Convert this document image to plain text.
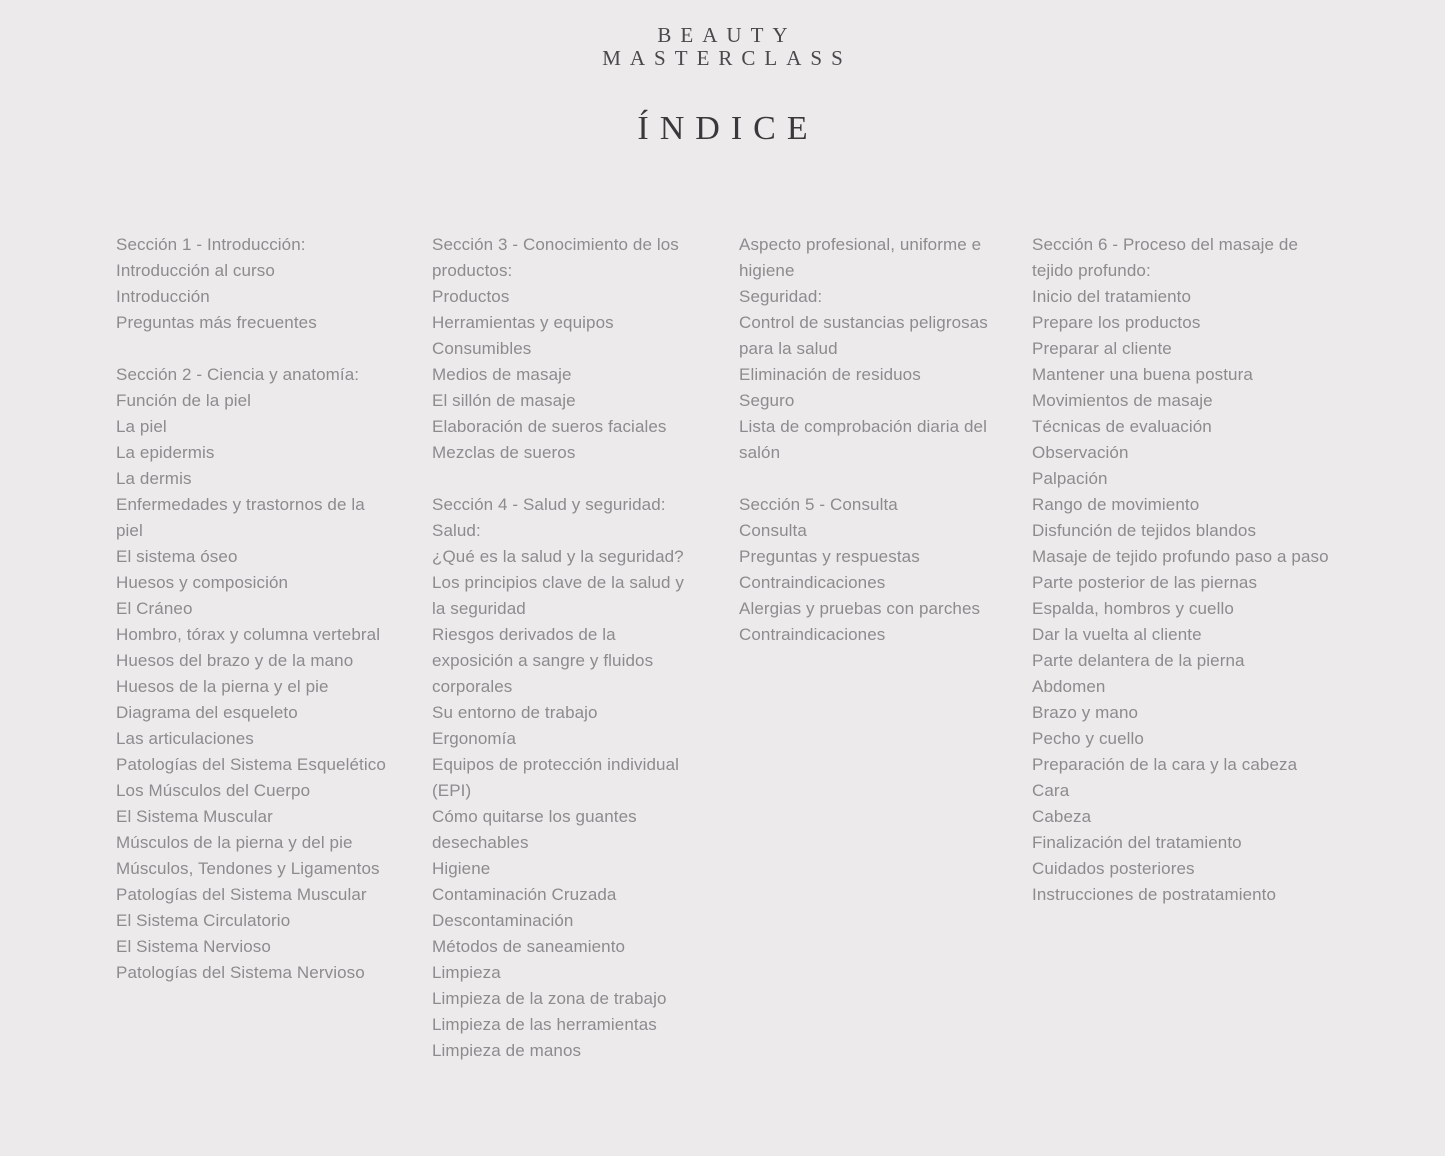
BEAUTY
MASTERCLASS
ÍNDICE

Sección 1 - Introducción:

Introducción al curso

Introducción

Preguntas más frecuentes

Sección 2 - Ciencia y anatomía:

Función de la piel

La piel

La epidermis

La dermis

Enfermedades y trastornos de la piel

El sistema óseo

Huesos y composición

El Cráneo

Hombro, tórax y columna vertebral

Huesos del brazo y de la mano

Huesos de la pierna y el pie

Diagrama del esqueleto

Las articulaciones

Patologías del Sistema Esquelético

Los Músculos del Cuerpo

El Sistema Muscular

Músculos de la pierna y del pie

Músculos, Tendones y Ligamentos

Patologías del Sistema Muscular

El Sistema Circulatorio

El Sistema Nervioso

Patologías del Sistema Nervioso

Sección 3 - Conocimiento de los productos:

Productos

Herramientas y equipos

Consumibles

Medios de masaje

El sillón de masaje

Elaboración de sueros faciales

Mezclas de sueros

Sección 4 - Salud y seguridad:

Salud:

¿Qué es la salud y la seguridad?

Los principios clave de la salud y la seguridad

Riesgos derivados de la exposición a sangre y fluidos corporales

Su entorno de trabajo

Ergonomía

Equipos de protección individual (EPI)

Cómo quitarse los guantes desechables

Higiene

Contaminación Cruzada

Descontaminación

Métodos de saneamiento

Limpieza

Limpieza de la zona de trabajo

Limpieza de las herramientas

Limpieza de manos

Aspecto profesional, uniforme e higiene

Seguridad:

Control de sustancias peligrosas para la salud

Eliminación de residuos

Seguro

Lista de comprobación diaria del salón

Sección 5 - Consulta

Consulta

Preguntas y respuestas

Contraindicaciones

Alergias y pruebas con parches

Contraindicaciones

Sección 6 - Proceso del masaje de tejido profundo:

Inicio del tratamiento

Prepare los productos

Preparar al cliente

Mantener una buena postura

Movimientos de masaje

Técnicas de evaluación

Observación

Palpación

Rango de movimiento

Disfunción de tejidos blandos

Masaje de tejido profundo paso a paso

Parte posterior de las piernas

Espalda, hombros y cuello

Dar la vuelta al cliente

Parte delantera de la pierna

Abdomen

Brazo y mano

Pecho y cuello

Preparación de la cara y la cabeza

Cara

Cabeza

Finalización del tratamiento

Cuidados posteriores

Instrucciones de postratamiento
